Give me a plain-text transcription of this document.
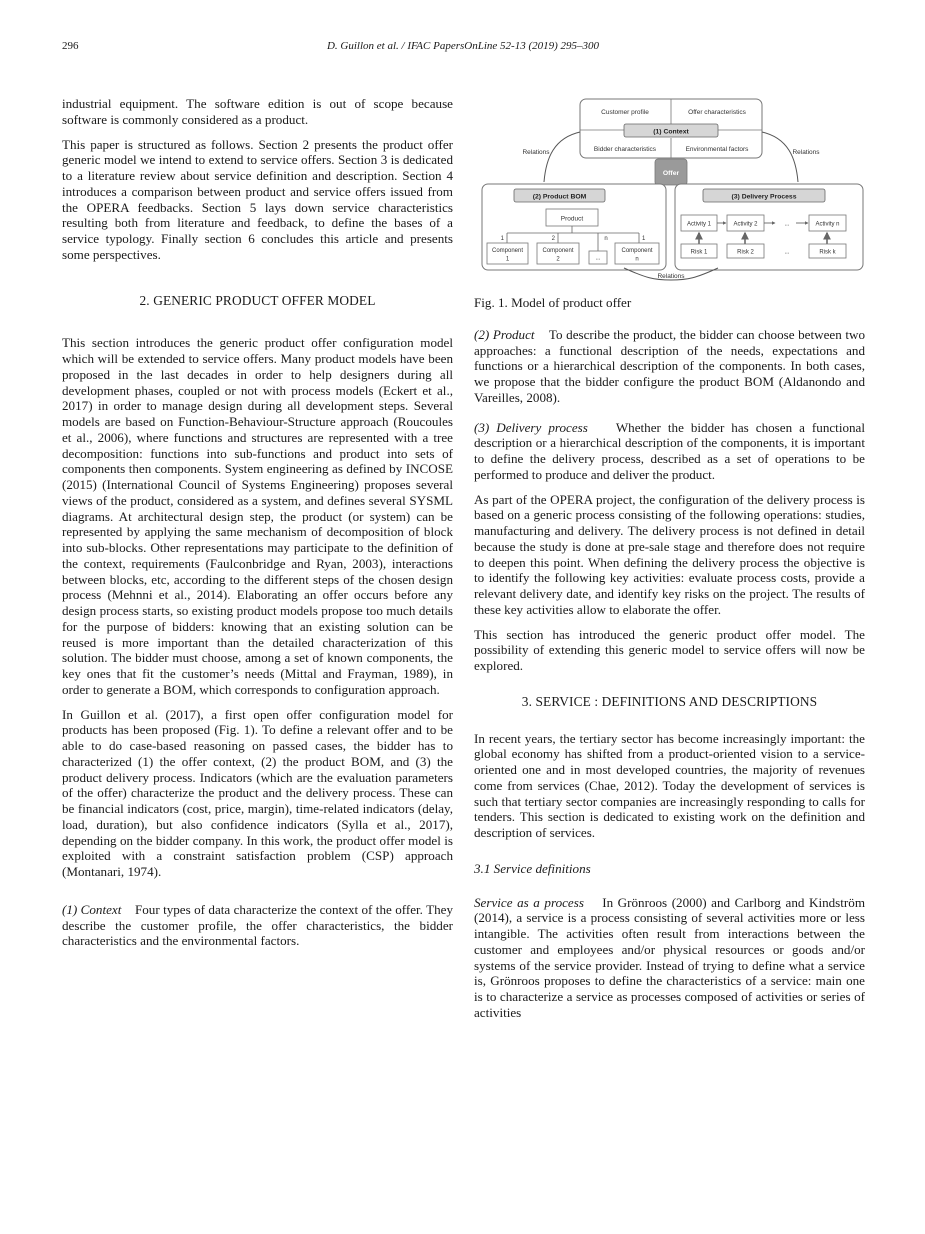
296	D. Guillon et al. / IFAC PapersOnLine 52-13 (2019) 295–300

industrial equipment. The software edition is out of scope because software is commonly considered as a product.

This paper is structured as follows. Section 2 presents the product offer generic model we intend to extend to service offers. Section 3 is dedicated to a literature review about service definition and description. Section 4 introduces a comparison between product and service offers issued from the OPERA feedbacks. Section 5 lays down service characteristics resulting both from literature and feedback, to define the bases of a service typology. Finally section 6 concludes this article and presents some perspectives.

2. GENERIC PRODUCT OFFER MODEL

This section introduces the generic product offer configuration model which will be extended to service offers. Many product models have been proposed in the last decades in order to help designers during all development phases, coupled or not with process models (Eckert et al., 2017) in order to manage design during all development steps. Several models are based on Function-Behaviour-Structure approach (Roucoules et al., 2006), where functions and structures are represented with a tree decomposition: functions into sub-functions and product into sets of components then components. System engineering as defined by INCOSE (2015) (International Council of Systems Engineering) proposes several views of the product, considered as a system, and defines several SYSML diagrams. At architectural design step, the product (or system) can be represented by applying the same mechanism of decomposition of block into sub-blocks. Other representations may participate to the definition of the context, requirements (Faulconbridge and Ryan, 2003), interactions between blocks, etc, according to the different steps of the chosen design process (Mehnni et al., 2014). Elaborating an offer occurs before any design process starts, so existing product models propose too much details for the purpose of bidders: knowing that an existing solution can be reused is more important than the detailed characterization of this solution. The bidder must choose, among a set of known components, the key ones that fit the customer’s needs (Mittal and Frayman, 1989), in order to generate a BOM, which corresponds to configuration approach.

In Guillon et al. (2017), a first open offer configuration model for products has been proposed (Fig. 1). To define a relevant offer and to be able to do case-based reasoning on passed cases, the bidder has to characterized (1) the offer context, (2) the product BOM, and (3) the product delivery process. Indicators (which are the evaluation parameters of the offer) characterize the product and the delivery process. These can be financial indicators (cost, price, margin), time-related indicators (delay, load, duration), but also confidence indicators (Sylla et al., 2017), depending on the bidder company. In this work, the product offer model is exploited with a constraint satisfaction problem (CSP) approach (Montanari, 1974).

(1) Context Four types of data characterize the context of the offer. They describe the customer profile, the offer characteristics, the bidder characteristics and the environmental factors.

Customer profile	Offer characteristics
(1) Context
Bidder characteristics	Environmental factors
Relations	Relations
Offer
(2) Product BOM
Product
1	2	n	1
Component
1
Component
2	...
Component
n
(3) Delivery Process
Activity 1	Activity 2	...	Activity n
Risk 1	Risk 2	...	Risk k
Relations

Fig. 1. Model of product offer

(2) Product To describe the product, the bidder can choose between two approaches: a functional description of the needs, expectations and functions or a hierarchical description of the components. In both cases, we propose that the bidder configure the product BOM (Aldanondo and Vareilles, 2008).

(3) Delivery process Whether the bidder has chosen a functional description or a hierarchical description of the components, it is important to define the delivery process, described as a set of operations to be performed to produce and deliver the product.

As part of the OPERA project, the configuration of the delivery process is based on a generic process consisting of the following operations: studies, manufacturing and delivery. The delivery process is not defined in detail because the study is done at pre-sale stage and therefore does not require to deepen this point. When defining the delivery process the objective is to identify the following key activities: evaluate process costs, provide a relevant delivery date, and identify key risks on the project. The results of these key activities allow to elaborate the offer.

This section has introduced the generic product offer model. The possibility of extending this generic model to service offers will now be explored.

3. SERVICE : DEFINITIONS AND DESCRIPTIONS

In recent years, the tertiary sector has become increasingly important: the global economy has shifted from a product-oriented vision to a service-oriented one and in most developed countries, the majority of revenues come from services (Chae, 2012). Today the development of services is such that tertiary sector companies are increasingly responding to calls for tenders. This section is dedicated to existing work on the definition and description of services.

3.1 Service definitions

Service as a process In Grönroos (2000) and Carlborg and Kindström (2014), a service is a process consisting of several activities more or less intangible. The activities often result from interactions between the customer and employees and/or physical resources or goods and/or systems of the service provider. Instead of trying to define what a service is, Grönroos proposes to define the characteristics of a service: main one is to characterize a service as processes composed of activities or series of activities
